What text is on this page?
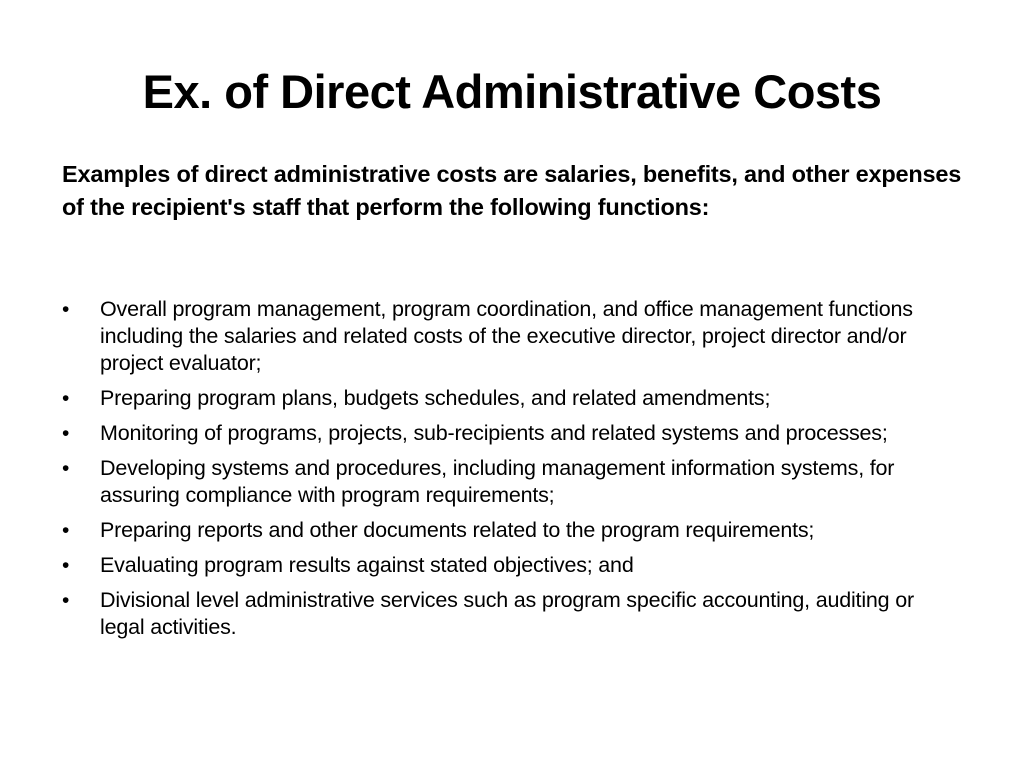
Ex. of Direct Administrative Costs

Examples of direct administrative costs are salaries, benefits, and other expenses of the recipient's staff that perform the following functions:

•	Overall program management, program coordination, and office management functions including the salaries and related costs of the executive director, project director and/or project evaluator;
•	Preparing program plans, budgets schedules, and related amendments;
•	Monitoring of programs, projects, sub-recipients and related systems and processes;
•	Developing systems and procedures, including management information systems, for assuring compliance with program requirements;
•	Preparing reports and other documents related to the program requirements;
•	Evaluating program results against stated objectives; and
•	Divisional level administrative services such as program specific accounting, auditing or legal activities.
